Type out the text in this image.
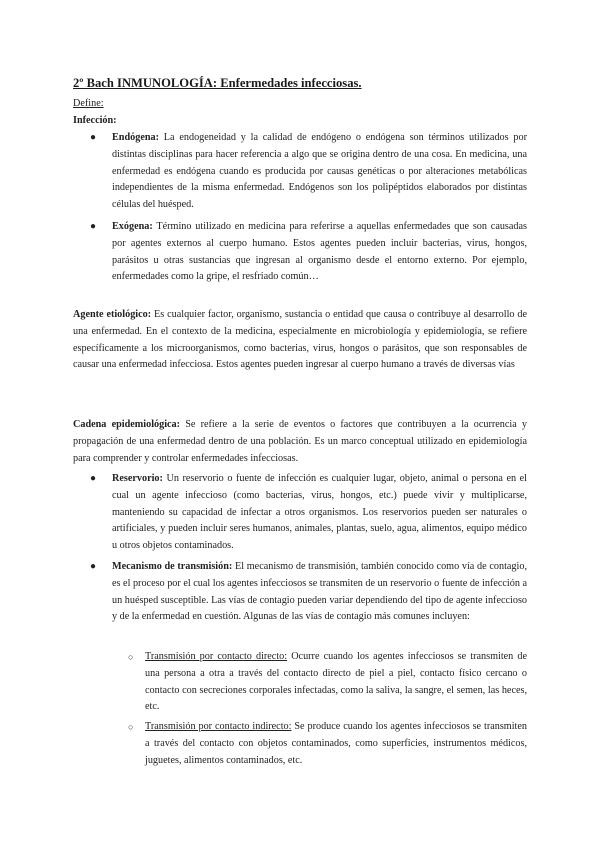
2º Bach INMUNOLOGÍA: Enfermedades infecciosas.
Define:
Infección:
● Endógena: La endogeneidad y la calidad de endógeno o endógena son términos utilizados por distintas disciplinas para hacer referencia a algo que se origina dentro de una cosa. En medicina, una enfermedad es endógena cuando es producida por causas genéticas o por alteraciones metabólicas independientes de la misma enfermedad. Endógenos son los polipéptidos elaborados por distintas células del huésped.

● Exógena: Término utilizado en medicina para referirse a aquellas enfermedades que son causadas por agentes externos al cuerpo humano. Estos agentes pueden incluir bacterias, virus, hongos, parásitos u otras sustancias que ingresan al organismo desde el entorno externo. Por ejemplo, enfermedades como la gripe, el resfriado común…

Agente etiológico: Es cualquier factor, organismo, sustancia o entidad que causa o contribuye al desarrollo de una enfermedad. En el contexto de la medicina, especialmente en microbiología y epidemiología, se refiere específicamente a los microorganismos, como bacterias, virus, hongos o parásitos, que son responsables de causar una enfermedad infecciosa. Estos agentes pueden ingresar al cuerpo humano a través de diversas vías

Cadena epidemiológica: Se refiere a la serie de eventos o factores que contribuyen a la ocurrencia y propagación de una enfermedad dentro de una población. Es un marco conceptual utilizado en epidemiología para comprender y controlar enfermedades infecciosas.

● Reservorio: Un reservorio o fuente de infección es cualquier lugar, objeto, animal o persona en el cual un agente infeccioso (como bacterias, virus, hongos, etc.) puede vivir y multiplicarse, manteniendo su capacidad de infectar a otros organismos. Los reservorios pueden ser naturales o artificiales, y pueden incluir seres humanos, animales, plantas, suelo, agua, alimentos, equipo médico u otros objetos contaminados.

● Mecanismo de transmisión: El mecanismo de transmisión, también conocido como vía de contagio, es el proceso por el cual los agentes infecciosos se transmiten de un reservorio o fuente de infección a un huésped susceptible. Las vías de contagio pueden variar dependiendo del tipo de agente infeccioso y de la enfermedad en cuestión. Algunas de las vías de contagio más comunes incluyen:

○ Transmisión por contacto directo: Ocurre cuando los agentes infecciosos se transmiten de una persona a otra a través del contacto directo de piel a piel, contacto físico cercano o contacto con secreciones corporales infectadas, como la saliva, la sangre, el semen, las heces, etc.

○ Transmisión por contacto indirecto: Se produce cuando los agentes infecciosos se transmiten a través del contacto con objetos contaminados, como superficies, instrumentos médicos, juguetes, alimentos contaminados, etc.
